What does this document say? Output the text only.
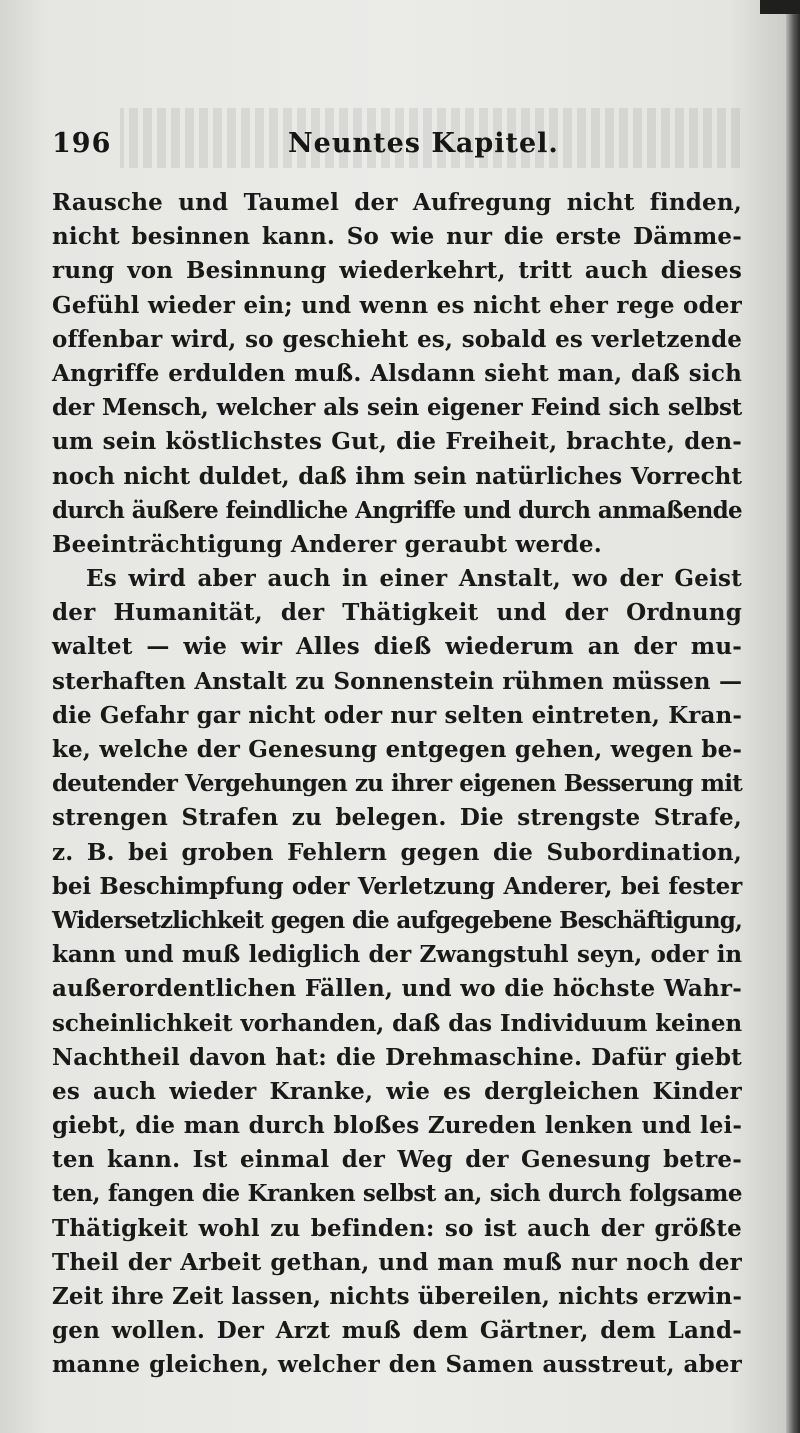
196	Neuntes Kapitel.
Rausche und Taumel der Aufregung nicht finden,
nicht besinnen kann. So wie nur die erste Dämme-
rung von Besinnung wiederkehrt, tritt auch dieses
Gefühl wieder ein; und wenn es nicht eher rege oder
offenbar wird, so geschieht es, sobald es verletzende
Angriffe erdulden muß. Alsdann sieht man, daß sich
der Mensch, welcher als sein eigener Feind sich selbst
um sein köstlichstes Gut, die Freiheit, brachte, den-
noch nicht duldet, daß ihm sein natürliches Vorrecht
durch äußere feindliche Angriffe und durch anmaßende
Beeinträchtigung Anderer geraubt werde.
Es wird aber auch in einer Anstalt, wo der Geist
der Humanität, der Thätigkeit und der Ordnung
waltet — wie wir Alles dieß wiederum an der mu-
sterhaften Anstalt zu Sonnenstein rühmen müssen —
die Gefahr gar nicht oder nur selten eintreten, Kran-
ke, welche der Genesung entgegen gehen, wegen be-
deutender Vergehungen zu ihrer eigenen Besserung mit
strengen Strafen zu belegen. Die strengste Strafe,
z. B. bei groben Fehlern gegen die Subordination,
bei Beschimpfung oder Verletzung Anderer, bei fester
Widersetzlichkeit gegen die aufgegebene Beschäftigung,
kann und muß lediglich der Zwangstuhl seyn, oder in
außerordentlichen Fällen, und wo die höchste Wahr-
scheinlichkeit vorhanden, daß das Individuum keinen
Nachtheil davon hat: die Drehmaschine. Dafür giebt
es auch wieder Kranke, wie es dergleichen Kinder
giebt, die man durch bloßes Zureden lenken und lei-
ten kann. Ist einmal der Weg der Genesung betre-
ten, fangen die Kranken selbst an, sich durch folgsame
Thätigkeit wohl zu befinden: so ist auch der größte
Theil der Arbeit gethan, und man muß nur noch der
Zeit ihre Zeit lassen, nichts übereilen, nichts erzwin-
gen wollen. Der Arzt muß dem Gärtner, dem Land-
manne gleichen, welcher den Samen ausstreut, aber
